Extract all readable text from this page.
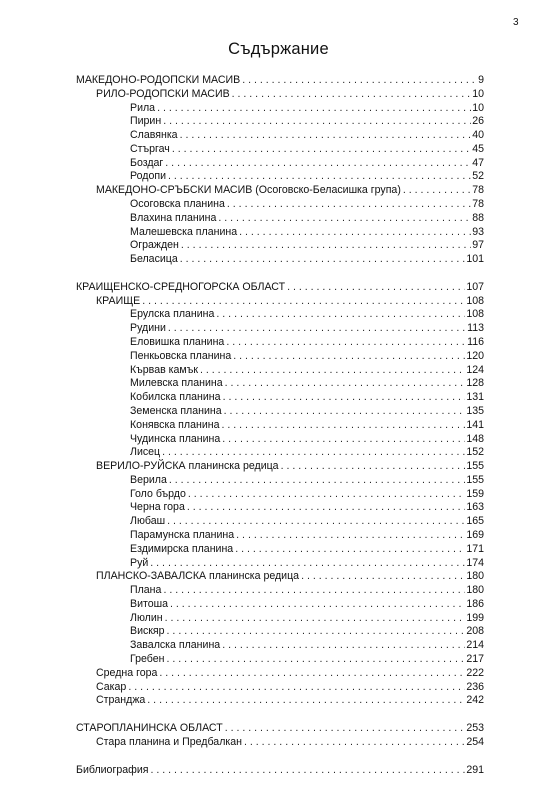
3
Съдържание
МАКЕДОНО-РОДОПСКИ МАСИВ . . .	9
РИЛО-РОДОПСКИ МАСИВ . . .	10
Рила . . .	10
Пирин . . .	26
Славянка . . .	40
Стъргач . . .	45
Боздаг . . .	47
Родопи . . .	52
МАКЕДОНО-СРЪБСКИ МАСИВ (Осоговско-Беласишка група) . . .	78
Осоговска планина . . .	78
Влахина планина . . .	88
Малешевска планина . . .	93
Огражден . . .	97
Беласица . . .	101
КРАИЩЕНСКО-СРЕДНОГОРСКА ОБЛАСТ . . .	107
КРАИЩЕ . . .	108
Ерулска планина . . .	108
Рудини . . .	113
Еловишка планина . . .	116
Пенкьовска планина . . .	120
Кървав камък . . .	124
Милевска планина . . .	128
Кобилска планина . . .	131
Земенска планина . . .	135
Конявска планина . . .	141
Чудинска планина . . .	148
Лисец . . .	152
ВЕРИЛО-РУЙСКА планинска редица . . .	155
Верила . . .	155
Голо бърдо . . .	159
Черна гора . . .	163
Любаш . . .	165
Парамунска планина . . .	169
Ездимирска планина . . .	171
Руй . . .	174
ПЛАНСКО-ЗАВАЛСКА планинска редица . . .	180
Плана . . .	180
Витоша . . .	186
Люлин . . .	199
Вискяр . . .	208
Завалска планина . . .	214
Гребен . . .	217
Средна гора . . .	222
Сакар . . .	236
Странджа . . .	242
СТАРОПЛАНИНСКА ОБЛАСТ . . .	253
Стара планина и Предбалкан . . .	254
Библиография . . .	291
